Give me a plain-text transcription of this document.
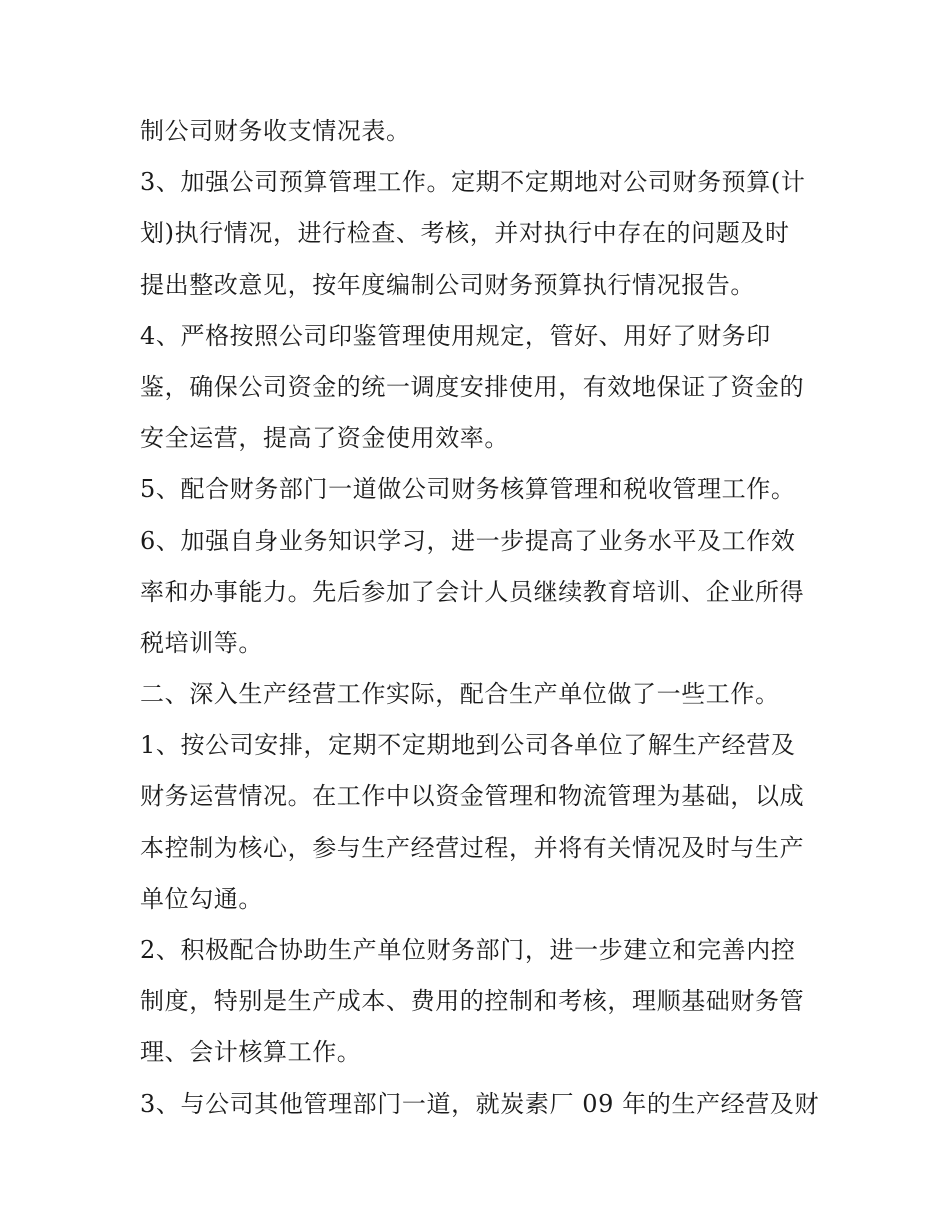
制公司财务收支情况表。
3、加强公司预算管理工作。定期不定期地对公司财务预算(计
划)执行情况，进行检查、考核，并对执行中存在的问题及时
提出整改意见，按年度编制公司财务预算执行情况报告。
4、严格按照公司印鉴管理使用规定，管好、用好了财务印
鉴，确保公司资金的统一调度安排使用，有效地保证了资金的
安全运营，提高了资金使用效率。
5、配合财务部门一道做公司财务核算管理和税收管理工作。
6、加强自身业务知识学习，进一步提高了业务水平及工作效
率和办事能力。先后参加了会计人员继续教育培训、企业所得
税培训等。
二、深入生产经营工作实际，配合生产单位做了一些工作。
1、按公司安排，定期不定期地到公司各单位了解生产经营及
财务运营情况。在工作中以资金管理和物流管理为基础，以成
本控制为核心，参与生产经营过程，并将有关情况及时与生产
单位勾通。
2、积极配合协助生产单位财务部门，进一步建立和完善内控
制度，特别是生产成本、费用的控制和考核，理顺基础财务管
理、会计核算工作。
3、与公司其他管理部门一道，就炭素厂 09 年的生产经营及财
